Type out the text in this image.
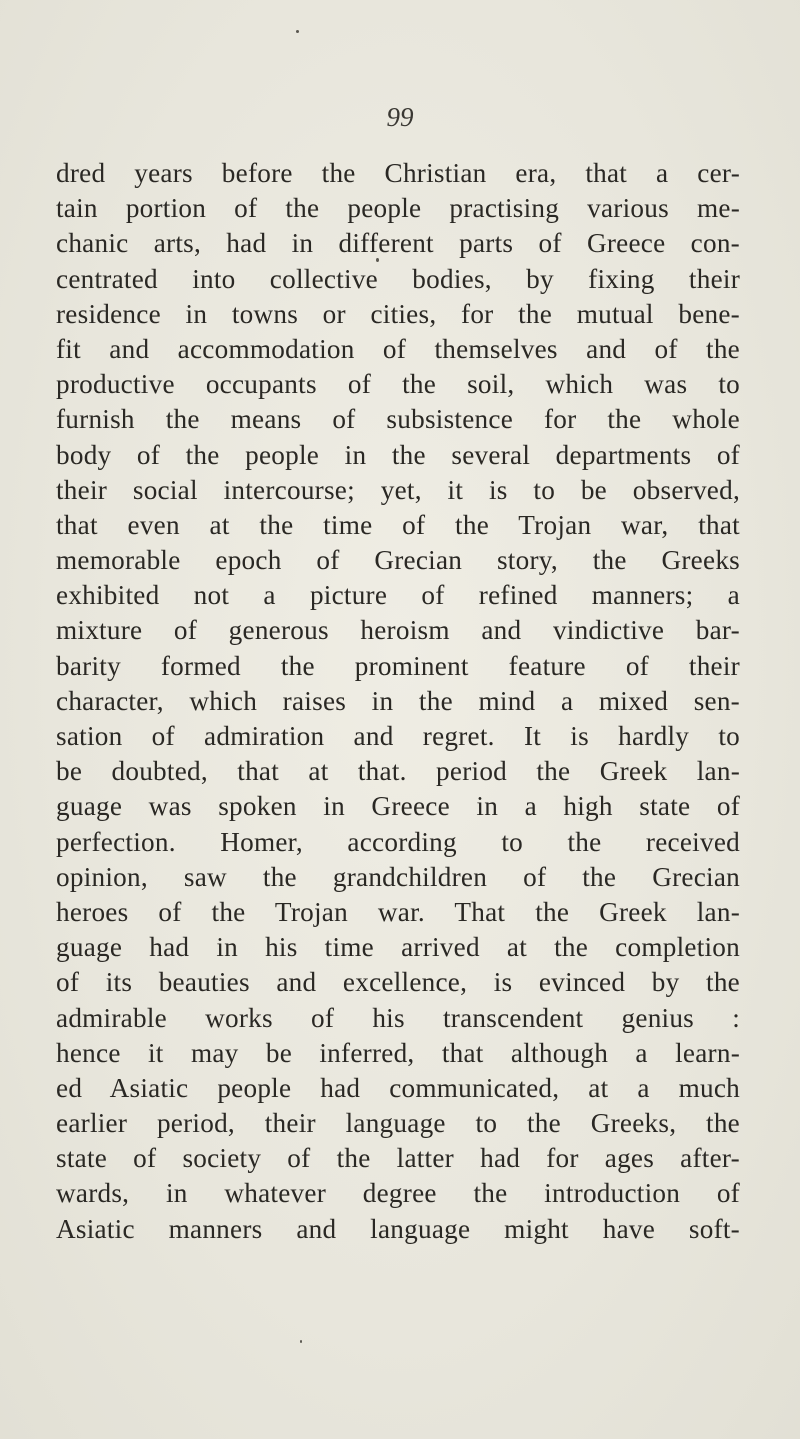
99
dred years before the Christian era, that a cer-
tain portion of the people practising various me-
chanic arts, had in different parts of Greece con-
centrated into collective bodies, by fixing their
residence in towns or cities, for the mutual bene-
fit and accommodation of themselves and of the
productive occupants of the soil, which was to
furnish the means of subsistence for the whole
body of the people in the several departments of
their social intercourse; yet, it is to be observed,
that even at the time of the Trojan war, that
memorable epoch of Grecian story, the Greeks
exhibited not a picture of refined manners; a
mixture of generous heroism and vindictive bar-
barity formed the prominent feature of their
character, which raises in the mind a mixed sen-
sation of admiration and regret. It is hardly to
be doubted, that at that. period the Greek lan-
guage was spoken in Greece in a high state of
perfection. Homer, according to the received
opinion, saw the grandchildren of the Grecian
heroes of the Trojan war. That the Greek lan-
guage had in his time arrived at the completion
of its beauties and excellence, is evinced by the
admirable works of his transcendent genius :
hence it may be inferred, that although a learn-
ed Asiatic people had communicated, at a much
earlier period, their language to the Greeks, the
state of society of the latter had for ages after-
wards, in whatever degree the introduction of
Asiatic manners and language might have soft-
